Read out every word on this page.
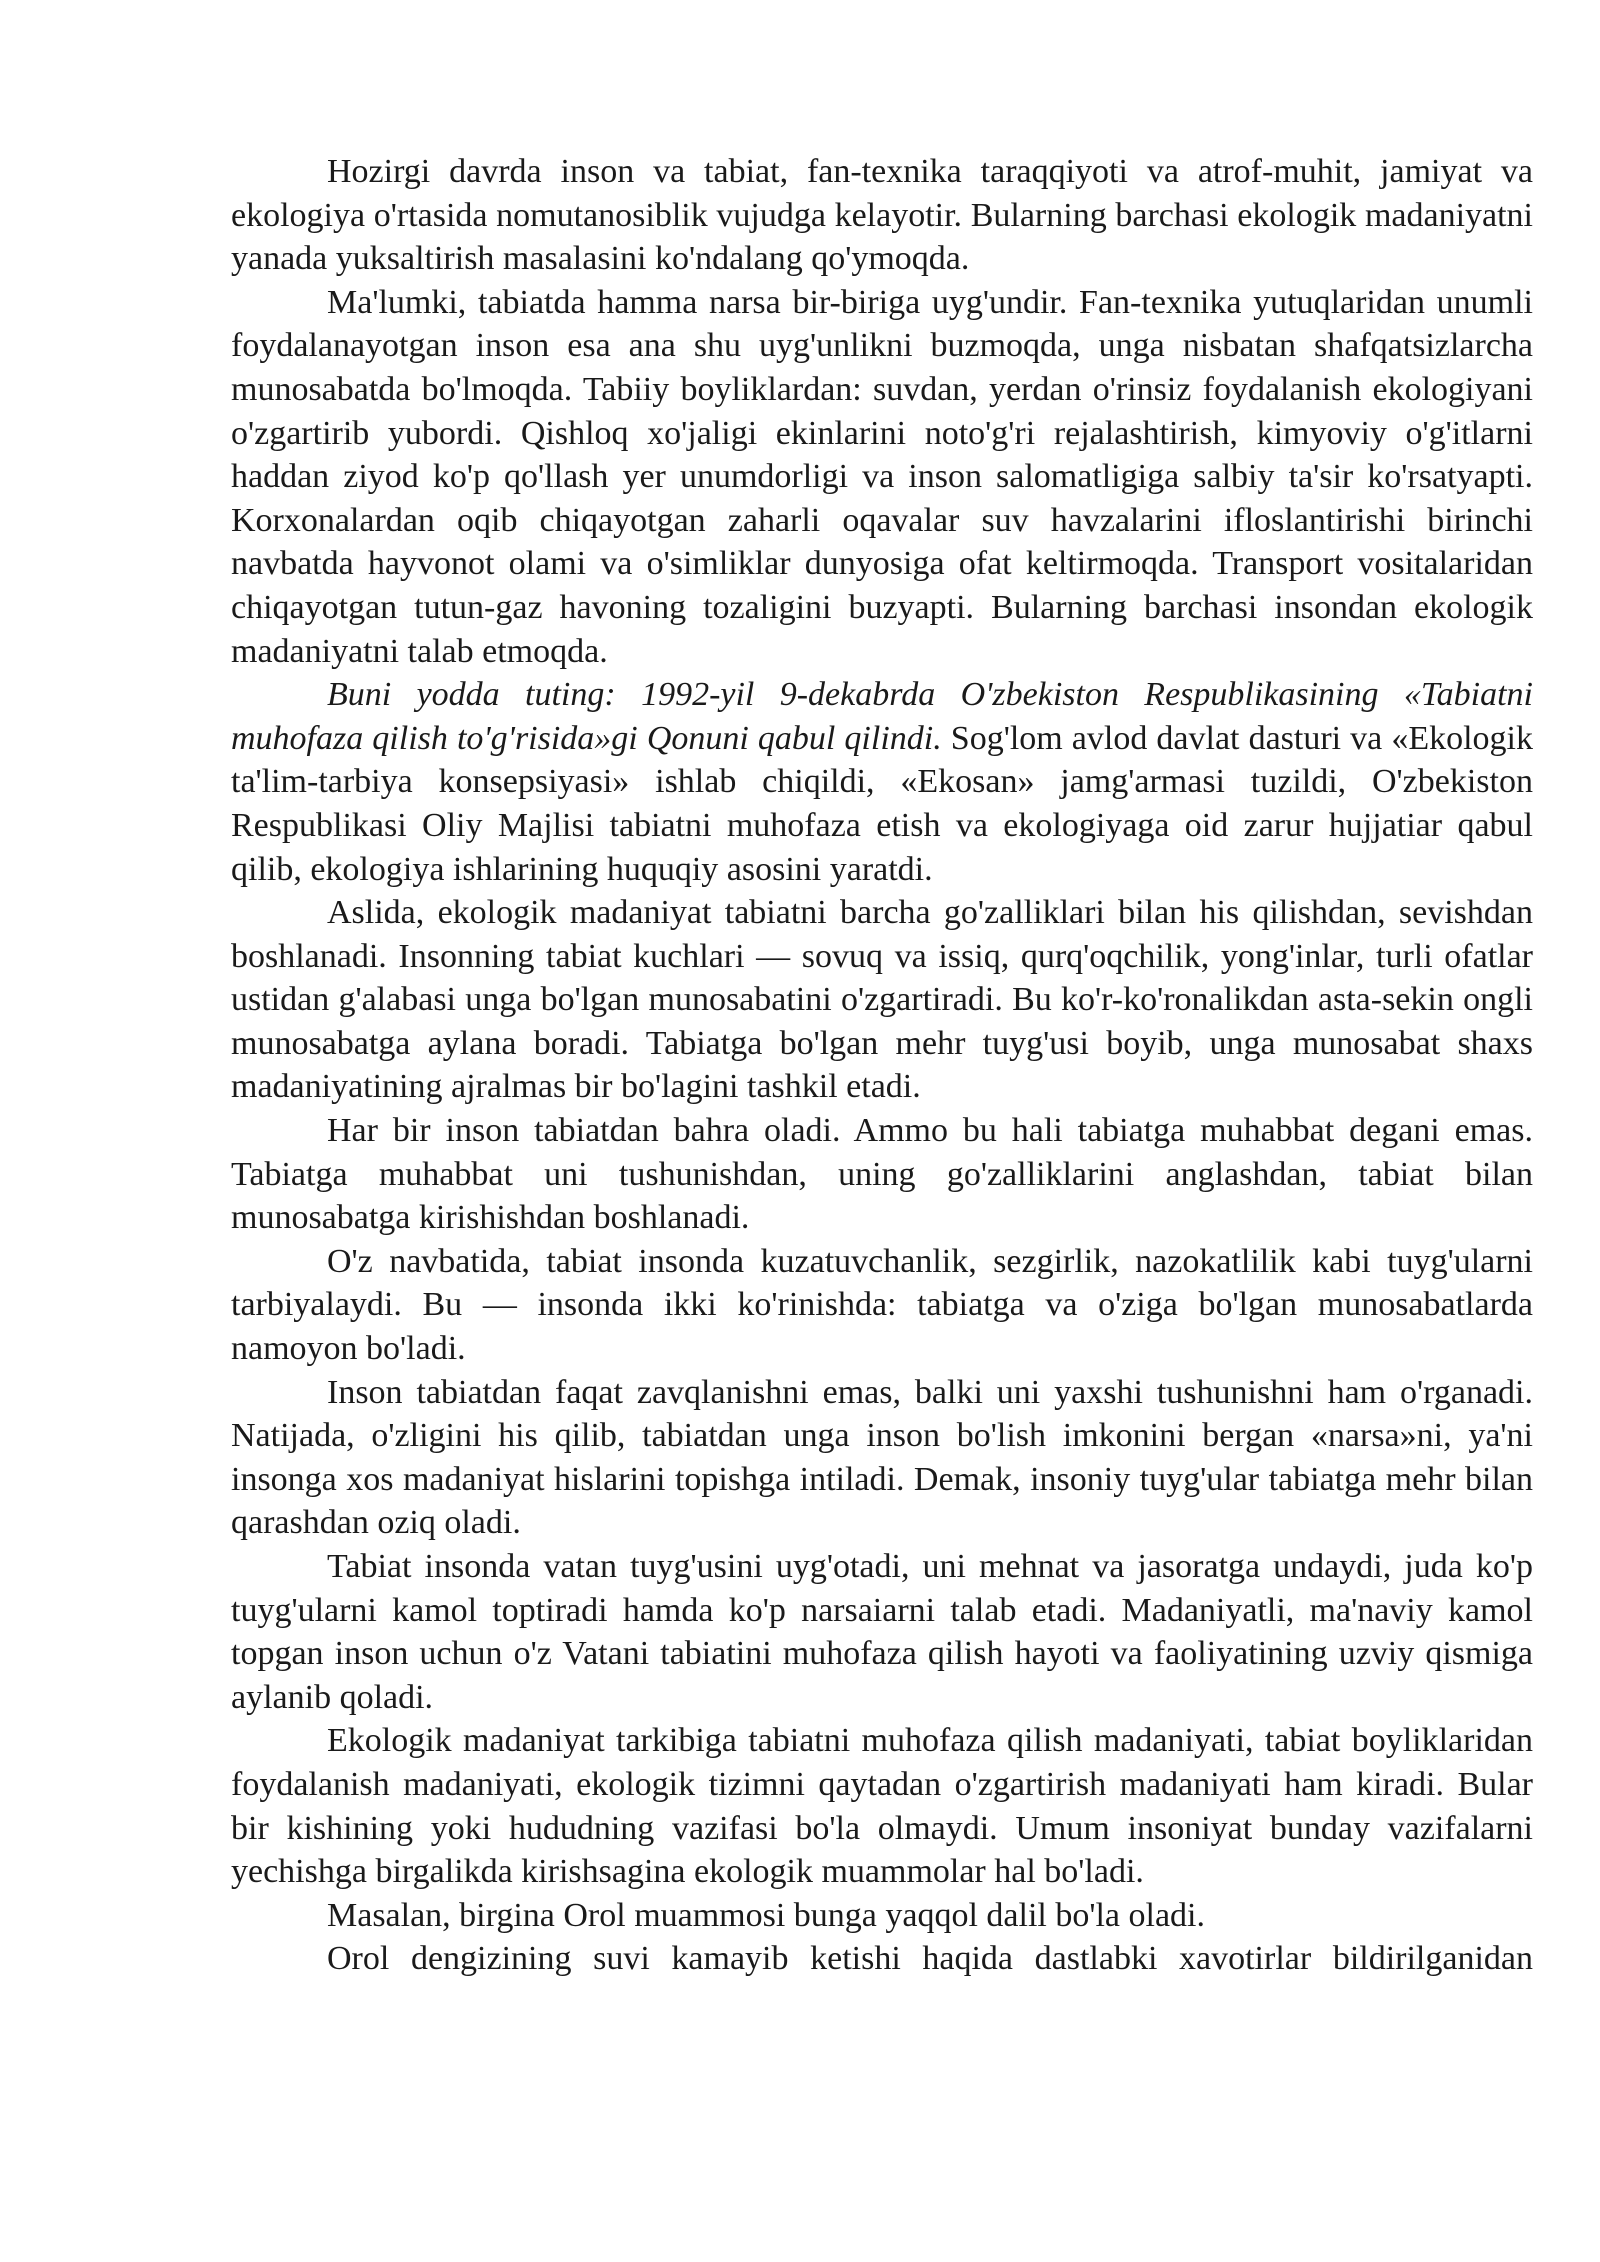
Hozirgi davrda inson va tabiat, fan-texnika taraqqiyoti va atrof-muhit, jamiyat va ekologiya o'rtasida nomutanosiblik vujudga kelayotir. Bularning barchasi ekologik madaniyatni yanada yuksaltirish masalasini ko'ndalang qo'ymoqda.

Ma'lumki, tabiatda hamma narsa bir-biriga uyg'undir. Fan-texnika yutuqlaridan unumli foydalanayotgan inson esa ana shu uyg'unlikni buzmoqda, unga nisbatan shafqatsizlarcha munosabatda bo'lmoqda. Tabiiy boyliklardan: suvdan, yerdan o'rinsiz foydalanish ekologiyani o'zgartirib yubordi. Qishloq xo'jaligi ekinlarini noto'g'ri rejalashtirish, kimyoviy o'g'itlarni haddan ziyod ko'p qo'llash yer unumdorligi va inson salomatligiga salbiy ta'sir ko'rsatyapti. Korxonalardan oqib chiqayotgan zaharli oqavalar suv havzalarini ifloslantirishi birinchi navbatda hayvonot olami va o'simliklar dunyosiga ofat keltirmoqda. Transport vositalaridan chiqayotgan tutun-gaz havoning tozaligini buzyapti. Bularning barchasi insondan ekologik madaniyatni talab etmoqda.

Buni yodda tuting: 1992-yil 9-dekabrda O'zbekiston Respublikasining «Tabiatni muhofaza qilish to'g'risida»gi Qonuni qabul qilindi. Sog'lom avlod davlat dasturi va «Ekologik ta'lim-tarbiya konsepsiyasi» ishlab chiqildi, «Ekosan» jamg'armasi tuzildi, O'zbekiston Respublikasi Oliy Majlisi tabiatni muhofaza etish va ekologiyaga oid zarur hujjatiar qabul qilib, ekologiya ishlarining huquqiy asosini yaratdi.

Aslida, ekologik madaniyat tabiatni barcha go'zalliklari bilan his qilishdan, sevishdan boshlanadi. Insonning tabiat kuchlari — sovuq va issiq, qurq'oqchilik, yong'inlar, turli ofatlar ustidan g'alabasi unga bo'lgan munosabatini o'zgartiradi. Bu ko'r-ko'ronalikdan asta-sekin ongli munosabatga aylana boradi. Tabiatga bo'lgan mehr tuyg'usi boyib, unga munosabat shaxs madaniyatining ajralmas bir bo'lagini tashkil etadi.

Har bir inson tabiatdan bahra oladi. Ammo bu hali tabiatga muhabbat degani emas. Tabiatga muhabbat uni tushunishdan, uning go'zalliklarini anglashdan, tabiat bilan munosabatga kirishishdan boshlanadi.

O'z navbatida, tabiat insonda kuzatuvchanlik, sezgirlik, nazokatlilik kabi tuyg'ularni tarbiyalaydi. Bu — insonda ikki ko'rinishda: tabiatga va o'ziga bo'lgan munosabatlarda namoyon bo'ladi.

Inson tabiatdan faqat zavqlanishni emas, balki uni yaxshi tushunishni ham o'rganadi. Natijada, o'zligini his qilib, tabiatdan unga inson bo'lish imkonini bergan «narsa»ni, ya'ni insonga xos madaniyat hislarini topishga intiladi. Demak, insoniy tuyg'ular tabiatga mehr bilan qarashdan oziq oladi.

Tabiat insonda vatan tuyg'usini uyg'otadi, uni mehnat va jasoratga undaydi, juda ko'p tuyg'ularni kamol toptiradi hamda ko'p narsaiarni talab etadi. Madaniyatli, ma'naviy kamol topgan inson uchun o'z Vatani tabiatini muhofaza qilish hayoti va faoliyatining uzviy qismiga aylanib qoladi.

Ekologik madaniyat tarkibiga tabiatni muhofaza qilish madaniyati, tabiat boyliklaridan foydalanish madaniyati, ekologik tizimni qaytadan o'zgartirish madaniyati ham kiradi. Bular bir kishining yoki hududning vazifasi bo'la olmaydi. Umum insoniyat bunday vazifalarni yechishga birgalikda kirishsagina ekologik muammolar hal bo'ladi.

Masalan, birgina Orol muammosi bunga yaqqol dalil bo'la oladi.

Orol dengizining suvi kamayib ketishi haqida dastlabki xavotirlar bildirilganidan
